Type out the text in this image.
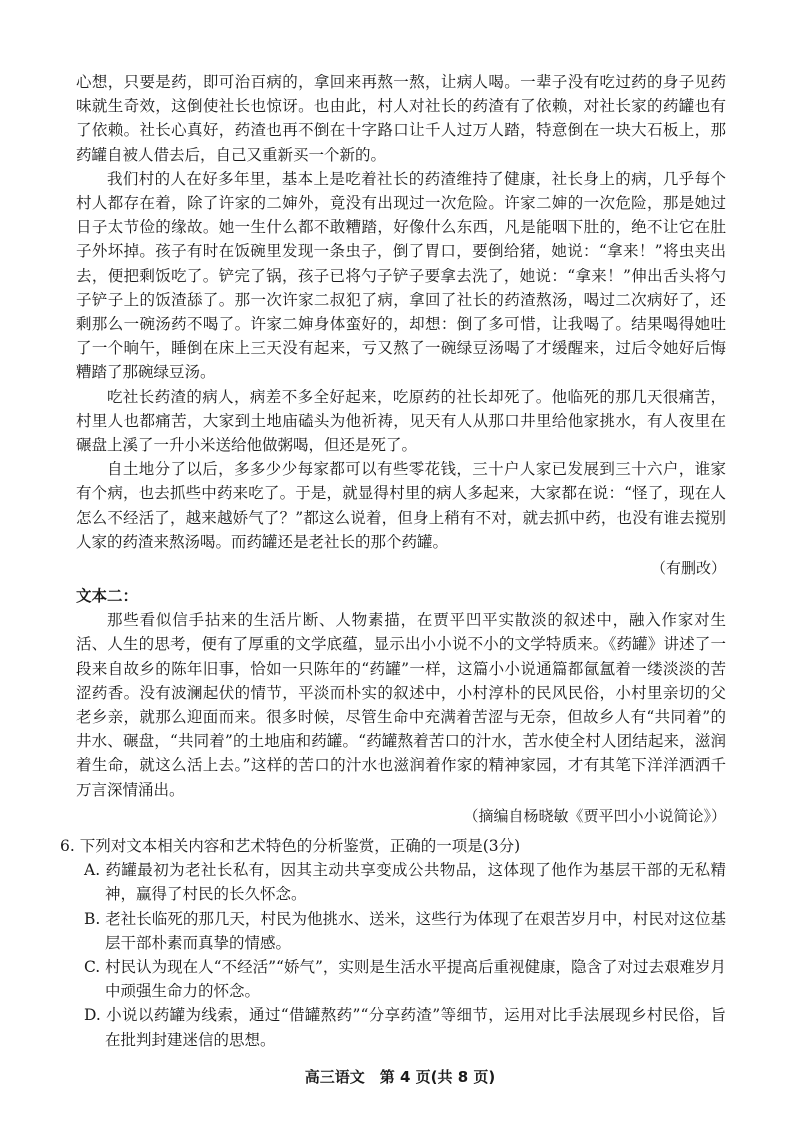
心想，只要是药，即可治百病的，拿回来再熬一熬，让病人喝。一辈子没有吃过药的身子见药味就生奇效，这倒使社长也惊讶。也由此，村人对社长的药渣有了依赖，对社长家的药罐也有了依赖。社长心真好，药渣也再不倒在十字路口让千人过万人踏，特意倒在一块大石板上，那药罐自被人借去后，自己又重新买一个新的。

我们村的人在好多年里，基本上是吃着社长的药渣维持了健康，社长身上的病，几乎每个村人都存在着，除了许家的二婶外，竟没有出现过一次危险。许家二婶的一次危险，那是她过日子太节俭的缘故。她一生什么都不敢糟踏，好像什么东西，凡是能咽下肚的，绝不让它在肚子外坏掉。孩子有时在饭碗里发现一条虫子，倒了胃口，要倒给猪，她说：“拿来！”将虫夹出去，便把剩饭吃了。铲完了锅，孩子已将勺子铲子要拿去洗了，她说：“拿来！”伸出舌头将勺子铲子上的饭渣舔了。那一次许家二叔犯了病，拿回了社长的药渣熬汤，喝过二次病好了，还剩那么一碗汤药不喝了。许家二婶身体蛮好的，却想：倒了多可惜，让我喝了。结果喝得她吐了一个晌午，睡倒在床上三天没有起来，亏又熬了一碗绿豆汤喝了才缓醒来，过后令她好后悔糟踏了那碗绿豆汤。

吃社长药渣的病人，病差不多全好起来，吃原药的社长却死了。他临死的那几天很痛苦，村里人也都痛苦，大家到土地庙磕头为他祈祷，见天有人从那口井里给他家挑水，有人夜里在碾盘上溪了一升小米送给他做粥喝，但还是死了。

自土地分了以后，多多少少每家都可以有些零花钱，三十户人家已发展到三十六户，谁家有个病，也去抓些中药来吃了。于是，就显得村里的病人多起来，大家都在说：“怪了，现在人怎么不经活了，越来越娇气了？”都这么说着，但身上稍有不对，就去抓中药，也没有谁去搅别人家的药渣来熬汤喝。而药罐还是老社长的那个药罐。

（有删改）

文本二：

那些看似信手拈来的生活片断、人物素描，在贾平凹平实散淡的叙述中，融入作家对生活、人生的思考，便有了厚重的文学底蕴，显示出小小说不小的文学特质来。《药罐》讲述了一段来自故乡的陈年旧事，恰如一只陈年的“药罐”一样，这篇小小说通篇都氤氲着一缕淡淡的苦涩药香。没有波澜起伏的情节，平淡而朴实的叙述中，小村淳朴的民风民俗，小村里亲切的父老乡亲，就那么迎面而来。很多时候，尽管生命中充满着苦涩与无奈，但故乡人有“共同着”的井水、碾盘，“共同着”的土地庙和药罐。“药罐熬着苦口的汁水，苦水使全村人团结起来，滋润着生命，就这么活上去。”这样的苦口的汁水也滋润着作家的精神家园，才有其笔下洋洋洒洒千万言深情涌出。

（摘编自杨晓敏《贾平凹小小说简论》）

6. 下列对文本相关内容和艺术特色的分析鉴赏，正确的一项是(3分)

A. 药罐最初为老社长私有，因其主动共享变成公共物品，这体现了他作为基层干部的无私精神，赢得了村民的长久怀念。
B. 老社长临死的那几天，村民为他挑水、送米，这些行为体现了在艰苦岁月中，村民对这位基层干部朴素而真挚的情感。
C. 村民认为现在人“不经活”“娇气”，实则是生活水平提高后重视健康，隐含了对过去艰难岁月中顽强生命力的怀念。
D. 小说以药罐为线索，通过“借罐熬药”“分享药渣”等细节，运用对比手法展现乡村民俗，旨在批判封建迷信的思想。
高三语文　第 4 页(共 8 页)
